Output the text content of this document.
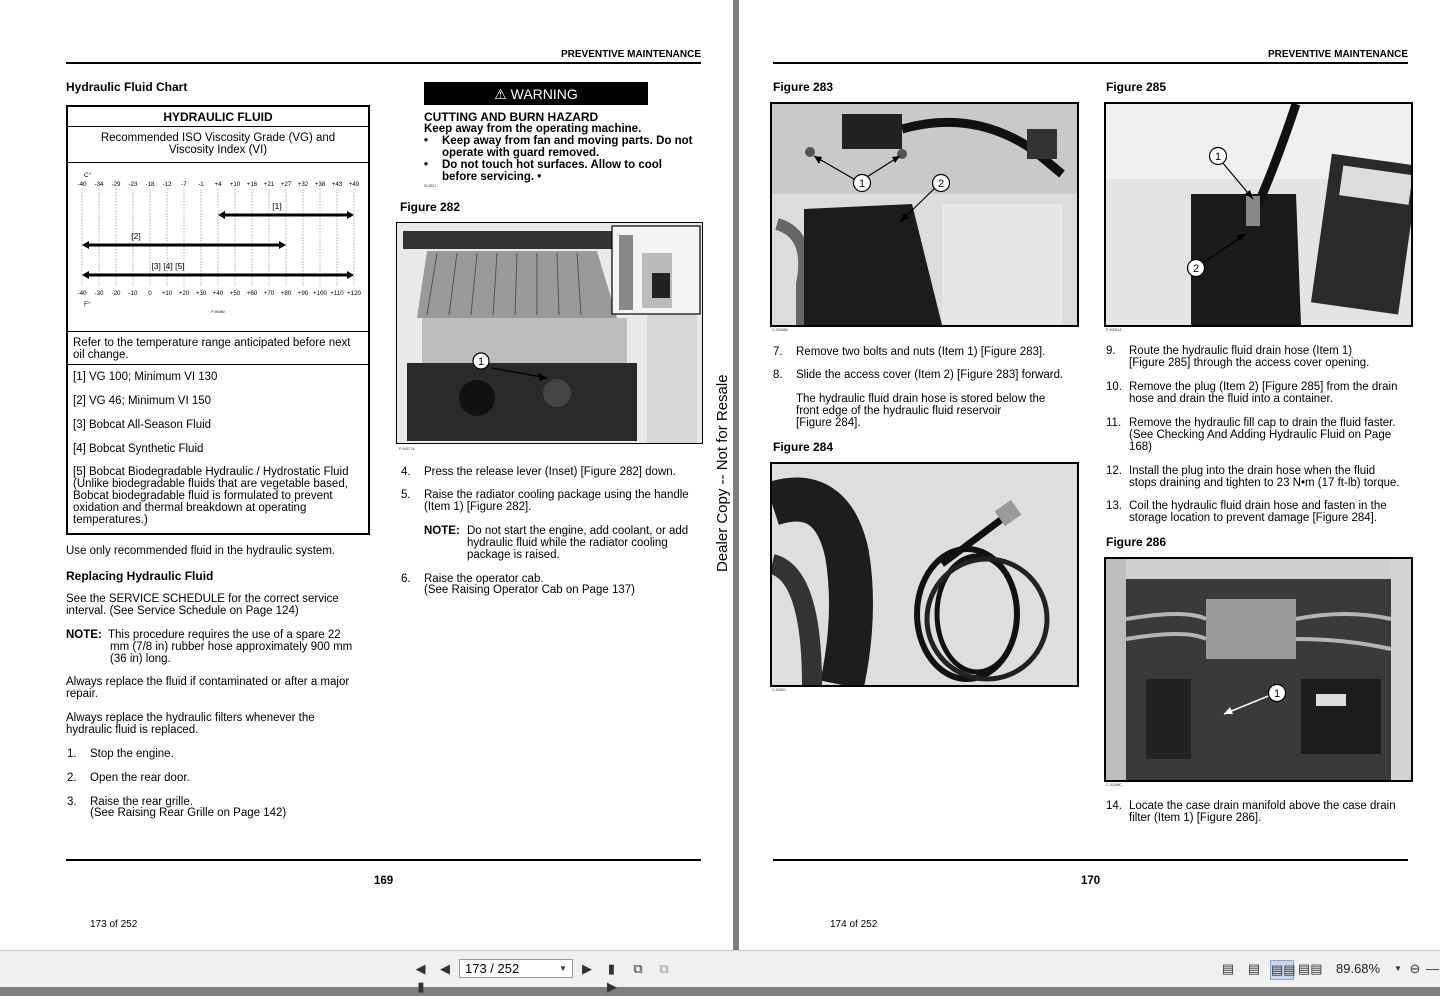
PREVENTIVE MAINTENANCE
Hydraulic Fluid Chart
HYDRAULIC FLUID
Recommended ISO Viscosity Grade (VG) and
Viscosity Index (VI)
C°
F°
-40 -34 -29 -23 -18 -12 -7 -1 +4 +10 +16 +21 +27 +32 +38 +43 +49
-40 -30 -20 -10 0 +10 +20 +30 +40 +50 +60 +70 +80 +90 +100 +110 +120
[1]
[2]
[3] [4] [5]
P-90060
Refer to the temperature range anticipated before next
oil change.
[1] VG 100; Minimum VI 130
[2] VG 46; Minimum VI 150
[3] Bobcat All-Season Fluid
[4] Bobcat Synthetic Fluid
[5] Bobcat Biodegradable Hydraulic / Hydrostatic Fluid
(Unlike biodegradable fluids that are vegetable based,
Bobcat biodegradable fluid is formulated to prevent
oxidation and thermal breakdown at operating
temperatures.)
Use only recommended fluid in the hydraulic system.
Replacing Hydraulic Fluid
See the SERVICE SCHEDULE for the correct service
interval. (See Service Schedule on Page 124)
NOTE: This procedure requires the use of a spare 22
mm (7/8 in) rubber hose approximately 900 mm
(36 in) long.
Always replace the fluid if contaminated or after a major
repair.
Always replace the hydraulic filters whenever the
hydraulic fluid is replaced.
1. Stop the engine.
2. Open the rear door.
3. Raise the rear grille.
(See Raising Rear Grille on Page 142)
⚠ WARNING
CUTTING AND BURN HAZARD
Keep away from the operating machine.
• Keep away from fan and moving parts. Do not
operate with guard removed.
• Do not touch hot surfaces. Allow to cool
before servicing. •
W-2821
Figure 282
1
P-90077A
4. Press the release lever (Inset) [Figure 282] down.
5. Raise the radiator cooling package using the handle
(Item 1) [Figure 282].
NOTE: Do not start the engine, add coolant, or add
hydraulic fluid while the radiator cooling
package is raised.
6. Raise the operator cab.
(See Raising Operator Cab on Page 137)
Dealer Copy -- Not for Resale
169
173 of 252
PREVENTIVE MAINTENANCE
Figure 283
1	2
C-20498A
7. Remove two bolts and nuts (Item 1) [Figure 283].
8. Slide the access cover (Item 2) [Figure 283] forward.
The hydraulic fluid drain hose is stored below the
front edge of the hydraulic fluid reservoir
[Figure 284].
Figure 284
C-20500
Figure 285
1
2
P-90051A
9. Route the hydraulic fluid drain hose (Item 1)
[Figure 285] through the access cover opening.
10. Remove the plug (Item 2) [Figure 285] from the drain
hose and drain the fluid into a container.
11. Remove the hydraulic fill cap to drain the fluid faster.
(See Checking And Adding Hydraulic Fluid on Page
168)
12. Install the plug into the drain hose when the fluid
stops draining and tighten to 23 N•m (17 ft-lb) torque.
13. Coil the hydraulic fluid drain hose and fasten in the
storage location to prevent damage [Figure 284].
Figure 286
1
C-20298C
14. Locate the case drain manifold above the case drain
filter (Item 1) [Figure 286].
170
174 of 252
◀ ▮
◀
173 / 252	▼	▶	▮ ▶
⧉	⧉	▤ ▤ ▤▤ ▤▤ 89.68% ▼ ⊖ —
